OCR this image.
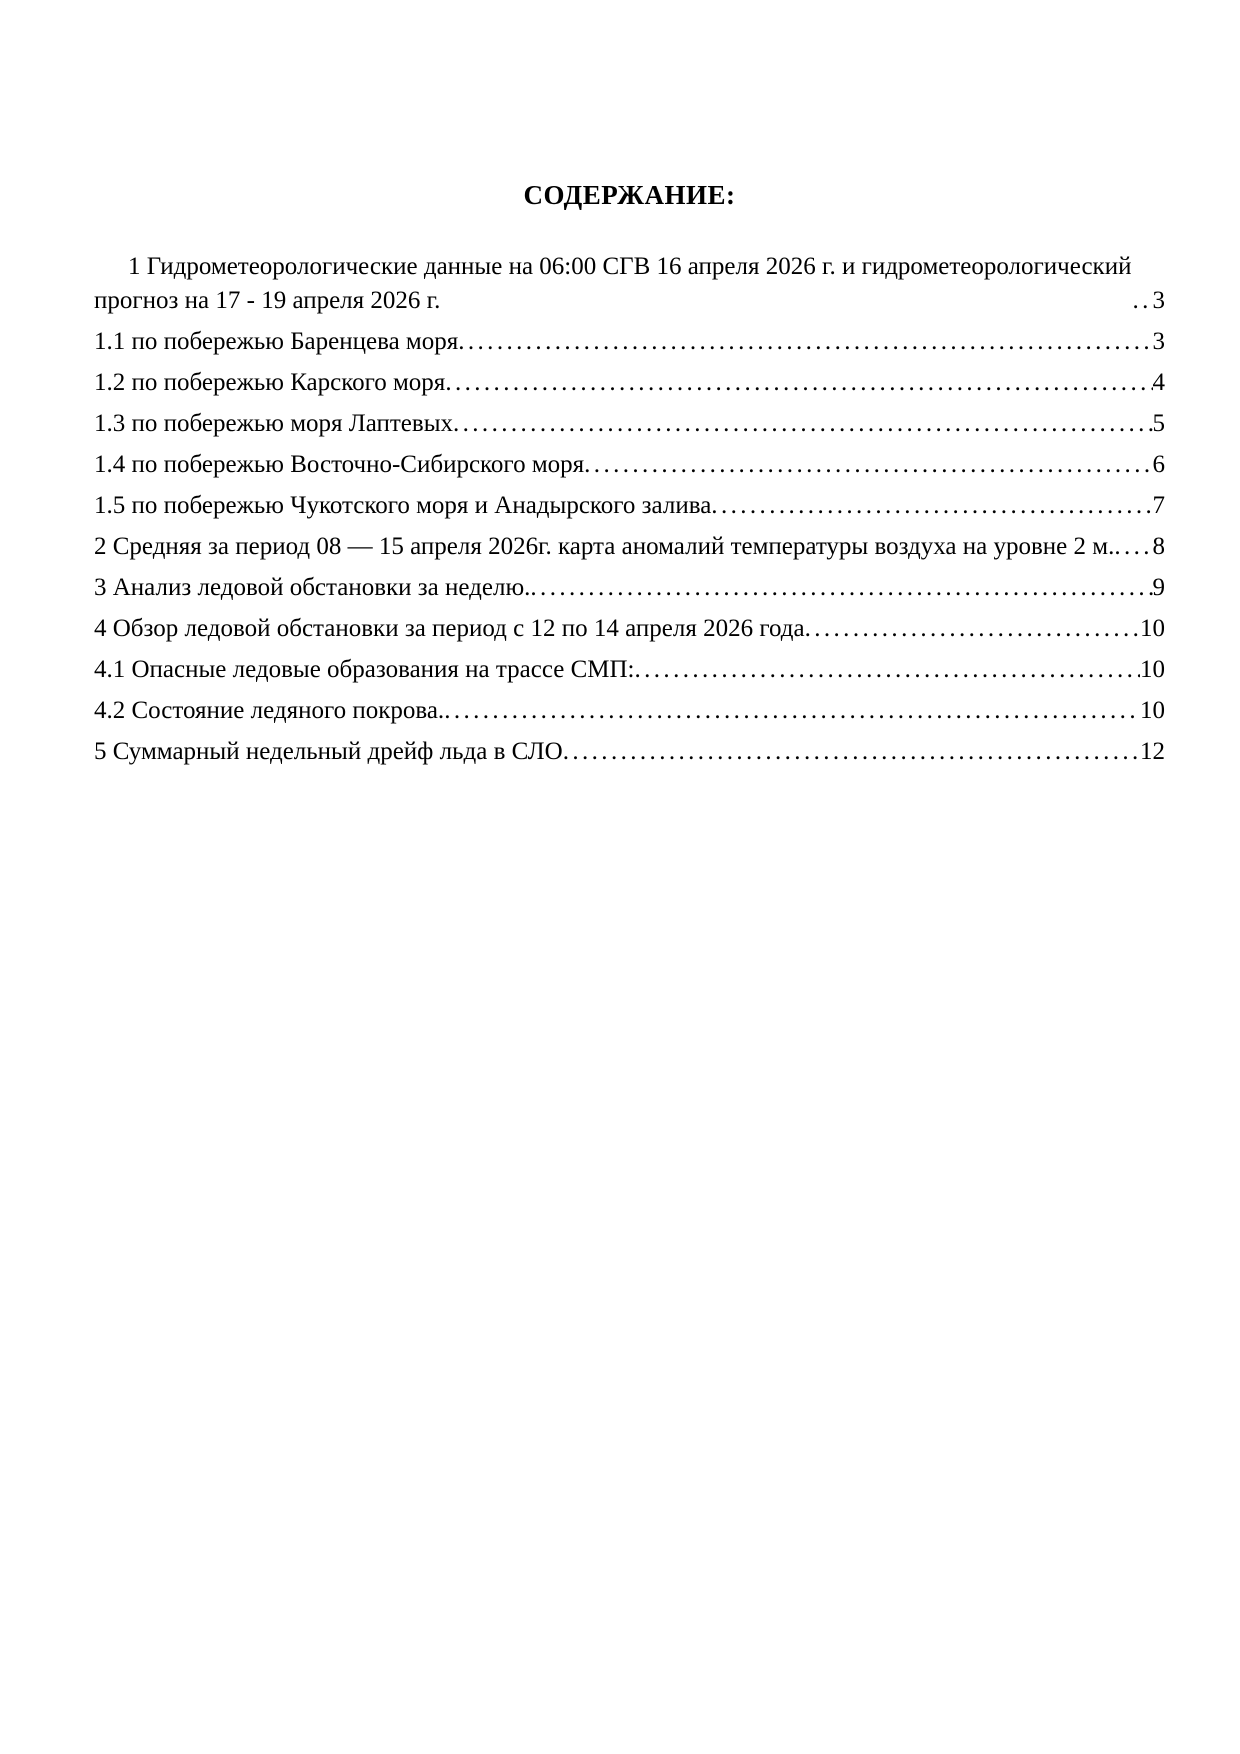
СОДЕРЖАНИЕ:
1 Гидрометеорологические данные на 06:00 СГВ 16 апреля 2026 г. и гидрометеорологический прогноз на 17 - 19 апреля 2026 г. .....	3
1.1 по побережью Баренцева моря .....	3
1.2 по побережью Карского моря .....	4
1.3 по побережью моря Лаптевых .....	5
1.4 по побережью Восточно-Сибирского моря .....	6
1.5 по побережью Чукотского моря и Анадырского залива .....	7
2 Средняя за период 08 — 15 апреля 2026г. карта аномалий температуры воздуха на уровне 2 м. ..... 8
3 Анализ ледовой обстановки за неделю. .....	9
4 Обзор ледовой обстановки за период с 12 по 14 апреля 2026 года .....	10
4.1 Опасные ледовые образования на трассе СМП: .....	10
4.2 Состояние ледяного покрова. .....	10
5 Суммарный недельный дрейф льда в СЛО .....	12
